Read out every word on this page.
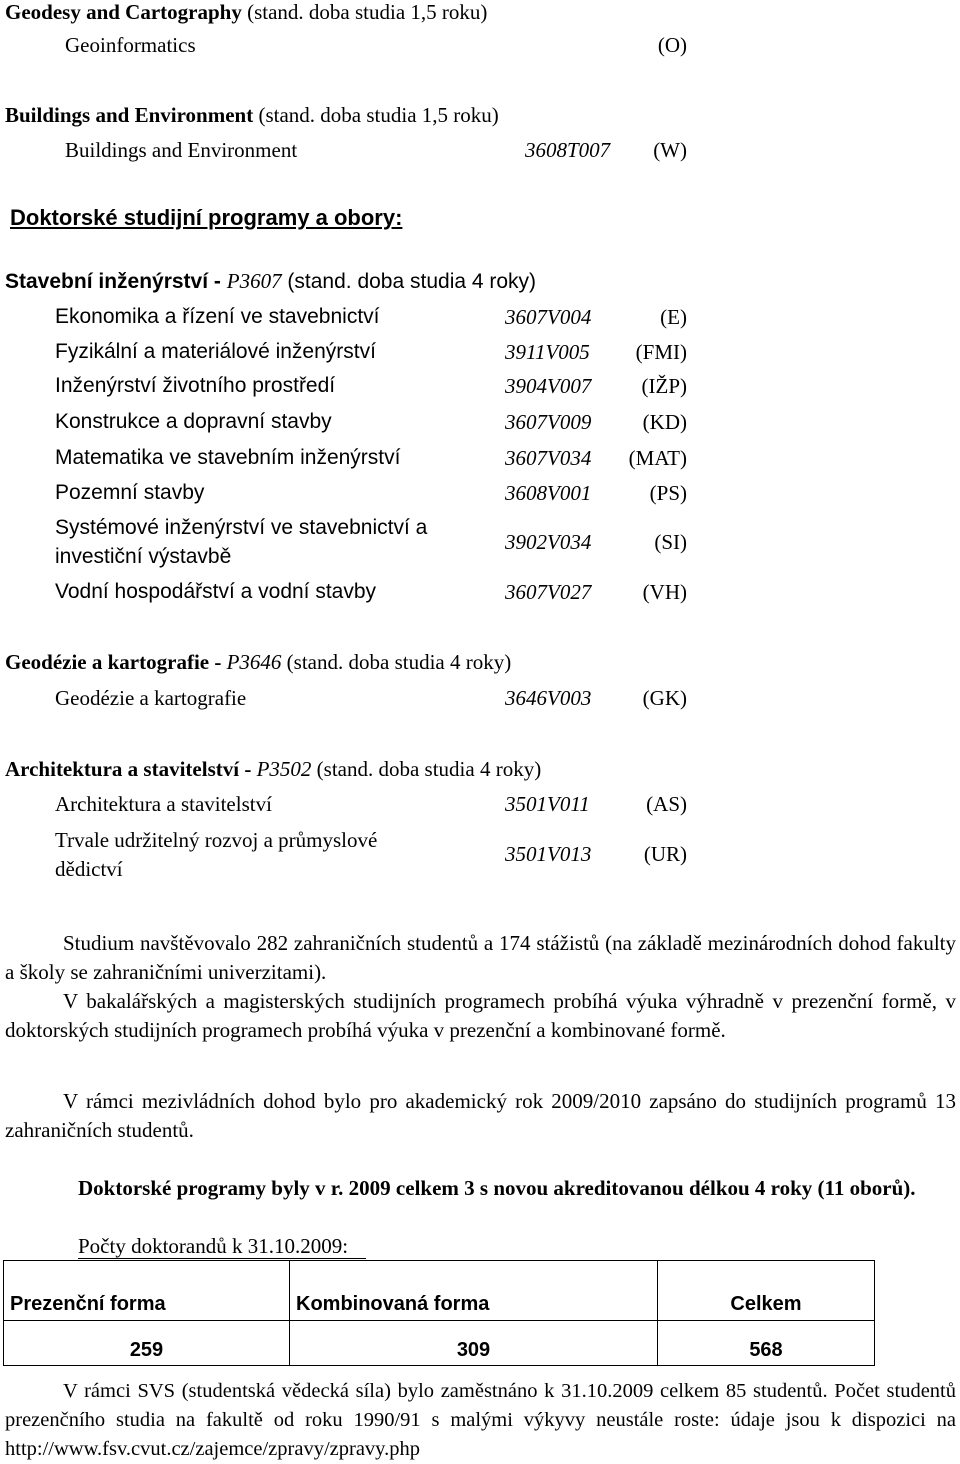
Geodesy and Cartography (stand. doba studia 1,5 roku)
Geoinformatics	(O)
Buildings and Environment (stand. doba studia 1,5 roku)
Buildings and Environment	3608T007 (W)
Doktorské studijní programy a obory:
Stavební inženýrství - P3607 (stand. doba studia 4 roky)
Ekonomika a řízení ve stavebnictví	3607V004	(E)
Fyzikální a materiálové inženýrství	3911V005 (FMI)
Inženýrství životního prostředí	3904V007 (IŽP)
Konstrukce a dopravní stavby	3607V009 (KD)
Matematika ve stavebním inženýrství	3607V034 (MAT)
Pozemní stavby	3608V001	(PS)
Systémové inženýrství ve stavebnictví a
investiční výstavbě
3902V034	(SI)
Vodní hospodářství a vodní stavby	3607V027 (VH)
Geodézie a kartografie - P3646 (stand. doba studia 4 roky)
Geodézie a kartografie	3646V003 (GK)
Architektura a stavitelství - P3502 (stand. doba studia 4 roky)
Architektura a stavitelství	3501V011	(AS)
Trvale udržitelný rozvoj a průmyslové
dědictví
3501V013	(UR)
Studium navštěvovalo 282 zahraničních studentů a 174 stážistů (na základě mezinárodních dohod fakulty a školy se zahraničními univerzitami).
V bakalářských a magisterských studijních programech probíhá výuka výhradně v prezenční formě, v doktorských studijních programech probíhá výuka v prezenční a kombinované formě.
V rámci mezivládních dohod bylo pro akademický rok 2009/2010 zapsáno do studijních programů 13 zahraničních studentů.
Doktorské programy byly v r. 2009 celkem 3 s novou akreditovanou délkou 4 roky (11 oborů).
Počty doktorandů k 31.10.2009:
Prezenční forma	Kombinovaná forma	Celkem
259	309	568
V rámci SVS (studentská vědecká síla) bylo zaměstnáno k 31.10.2009 celkem 85 studentů. Počet studentů prezenčního studia na fakultě od roku 1990/91 s malými výkyvy neustále roste: údaje jsou k dispozici na http://www.fsv.cvut.cz/zajemce/zpravy/zpravy.php
